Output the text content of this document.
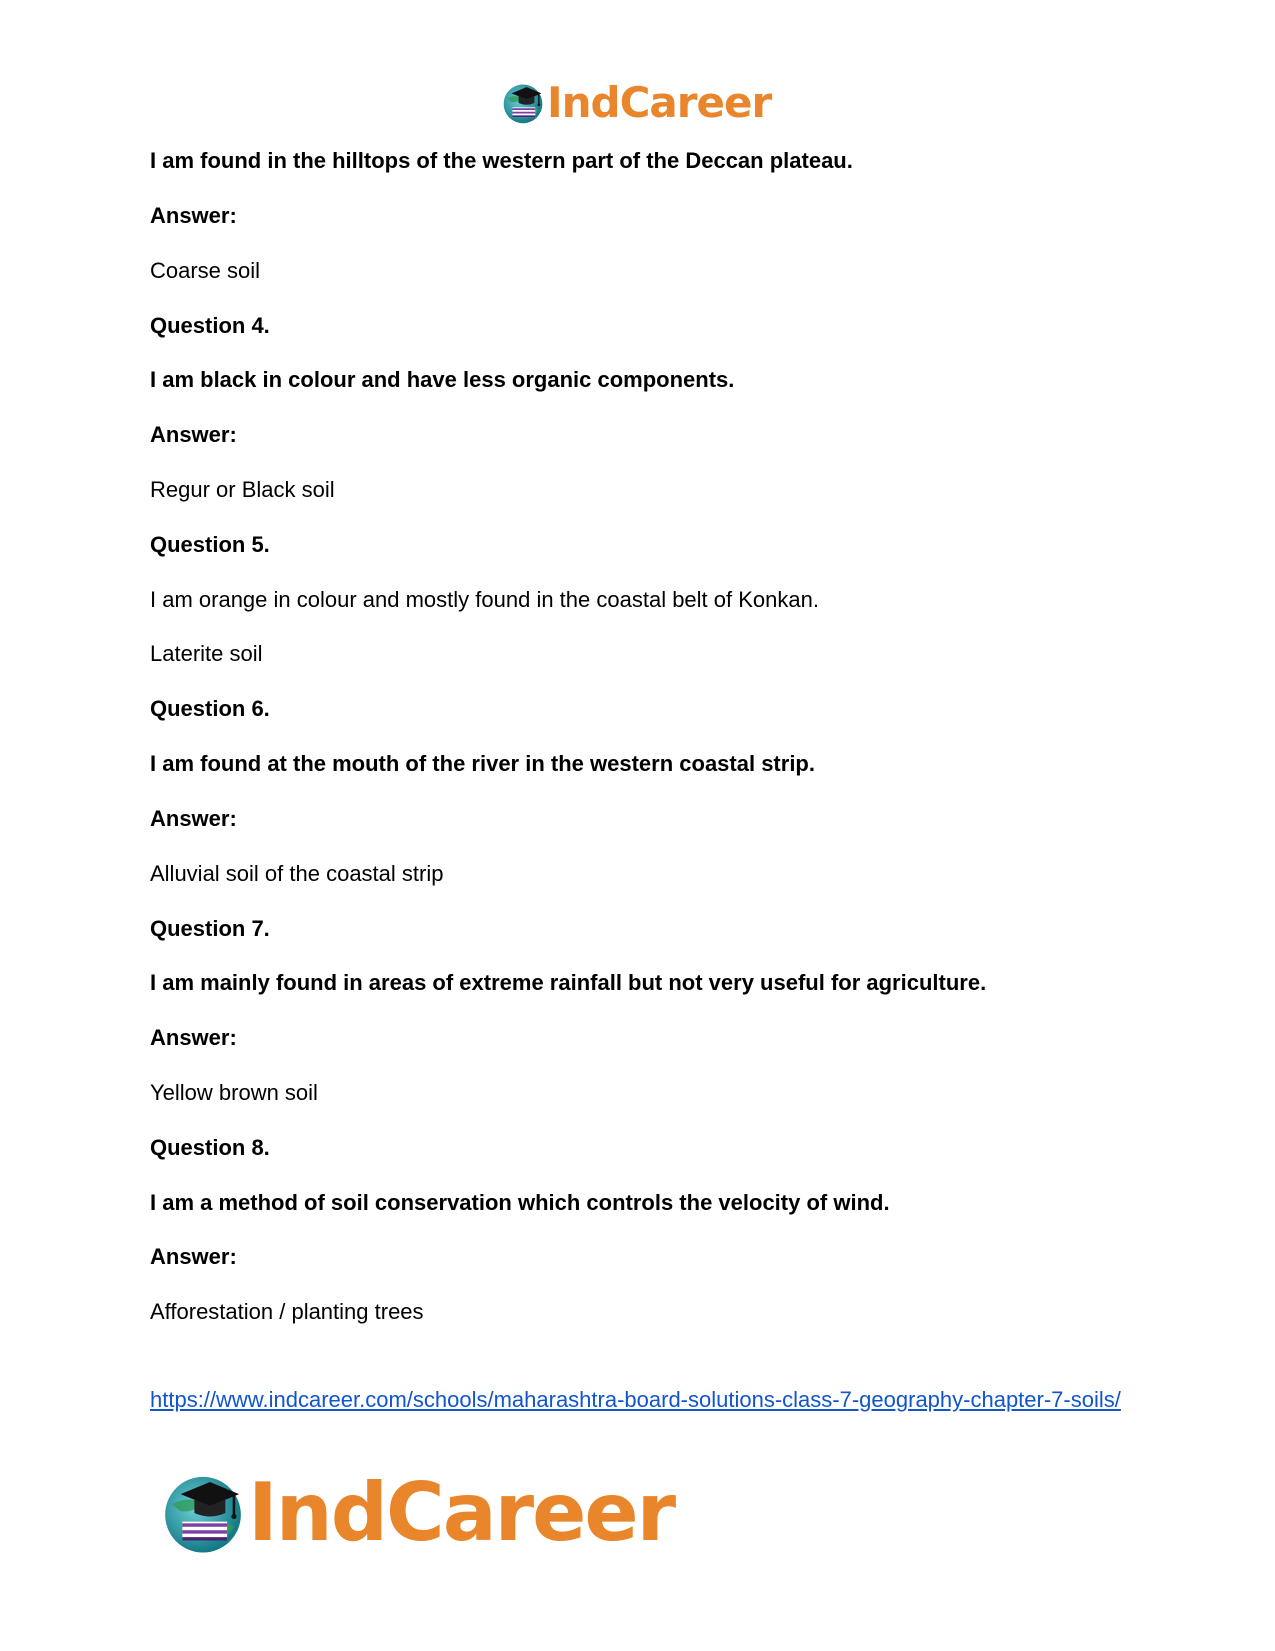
IndCareer
I am found in the hilltops of the western part of the Deccan plateau.
Answer:
Coarse soil
Question 4.
I am black in colour and have less organic components.
Answer:
Regur or Black soil
Question 5.
I am orange in colour and mostly found in the coastal belt of Konkan.
Laterite soil
Question 6.
I am found at the mouth of the river in the western coastal strip.
Answer:
Alluvial soil of the coastal strip
Question 7.
I am mainly found in areas of extreme rainfall but not very useful for agriculture.
Answer:
Yellow brown soil
Question 8.
I am a method of soil conservation which controls the velocity of wind.
Answer:
Afforestation / planting trees
https://www.indcareer.com/schools/maharashtra-board-solutions-class-7-geography-chapter-7-soils/
IndCareer
